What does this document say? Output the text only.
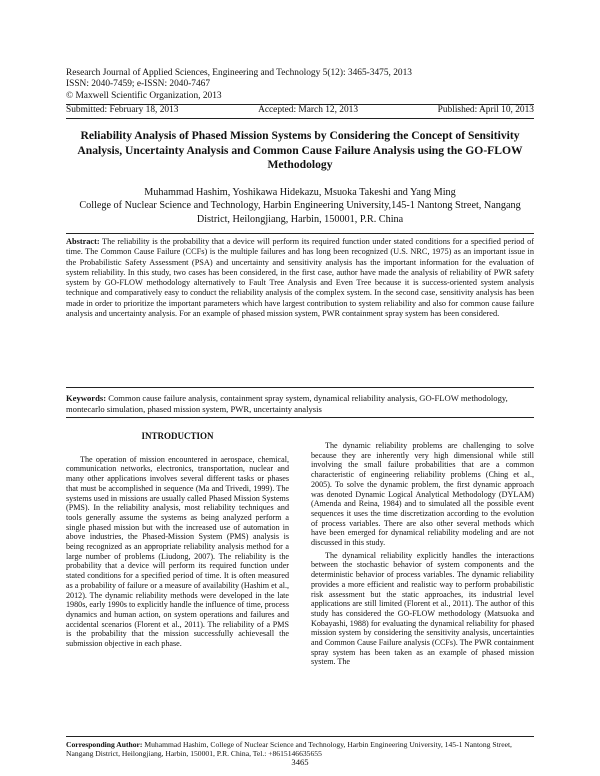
Research Journal of Applied Sciences, Engineering and Technology 5(12): 3465-3475, 2013
ISSN: 2040-7459; e-ISSN: 2040-7467
© Maxwell Scientific Organization, 2013
Submitted: February 18, 2013	Accepted: March 12, 2013	Published: April 10, 2013
Reliability Analysis of Phased Mission Systems by Considering the Concept of Sensitivity Analysis, Uncertainty Analysis and Common Cause Failure Analysis using the GO-FLOW Methodology
Muhammad Hashim, Yoshikawa Hidekazu, Msuoka Takeshi and Yang Ming
College of Nuclear Science and Technology, Harbin Engineering University,145-1 Nantong Street, Nangang District, Heilongjiang, Harbin, 150001, P.R. China
Abstract: The reliability is the probability that a device will perform its required function under stated conditions for a specified period of time. The Common Cause Failure (CCFs) is the multiple failures and has long been recognized (U.S. NRC, 1975) as an important issue in the Probabilistic Safety Assessment (PSA) and uncertainty and sensitivity analysis has the important information for the evaluation of system reliability. In this study, two cases has been considered, in the first case, author have made the analysis of reliability of PWR safety system by GO-FLOW methodology alternatively to Fault Tree Analysis and Even Tree because it is success-oriented system analysis technique and comparatively easy to conduct the reliability analysis of the complex system. In the second case, sensitivity analysis has been made in order to prioritize the important parameters which have largest contribution to system reliability and also for common cause failure analysis and uncertainty analysis. For an example of phased mission system, PWR containment spray system has been considered.
Keywords: Common cause failure analysis, containment spray system, dynamical reliability analysis, GO-FLOW methodology, montecarlo simulation, phased mission system, PWR, uncertainty analysis
INTRODUCTION

The operation of mission encountered in aerospace, chemical, communication networks, electronics, transportation, nuclear and many other applications involves several different tasks or phases that must be accomplished in sequence (Ma and Trivedi, 1999). The systems used in missions are usually called Phased Mission Systems (PMS). In the reliability analysis, most reliability techniques and tools generally assume the systems as being analyzed perform a single phased mission but with the increased use of automation in above industries, the Phased-Mission System (PMS) analysis is being recognized as an appropriate reliability analysis method for a large number of problems (Liudong, 2007). The reliability is the probability that a device will perform its required function under stated conditions for a specified period of time. It is often measured as a probability of failure or a measure of availability (Hashim et al., 2012). The dynamic reliability methods were developed in the late 1980s, early 1990s to explicitly handle the influence of time, process dynamics and human action, on system operations and failures and accidental scenarios (Florent et al., 2011). The reliability of a PMS is the probability that the mission successfully achievesall the submission objective in each phase.

The dynamic reliability problems are challenging to solve because they are inherently very high dimensional while still involving the small failure probabilities that are a common characteristic of engineering reliability problems (Ching et al., 2005). To solve the dynamic problem, the first dynamic approach was denoted Dynamic Logical Analytical Methodology (DYLAM) (Amenda and Reina, 1984) and to simulated all the possible event sequences it uses the time discretization according to the evolution of process variables. There are also other several methods which have been emerged for dynamical reliability modeling and are not discussed in this study.

The dynamical reliability explicitly handles the interactions between the stochastic behavior of system components and the deterministic behavior of process variables. The dynamic reliability provides a more efficient and realistic way to perform probabilistic risk assessment but the static approaches, its industrial level applications are still limited (Florent et al., 2011). The author of this study has considered the GO-FLOW methodology (Matsuoka and Kobayashi, 1988) for evaluating the dynamical reliability for phased mission system by considering the sensitivity analysis, uncertainties and Common Cause Failure analysis (CCFs). The PWR containment spray system has been taken as an example of phased mission system. The

Corresponding Author: Muhammad Hashim, College of Nuclear Science and Technology, Harbin Engineering University, 145-1 Nantong Street, Nangang District, Heilongjiang, Harbin, 150001, P.R. China, Tel.: +8615146635655
3465
